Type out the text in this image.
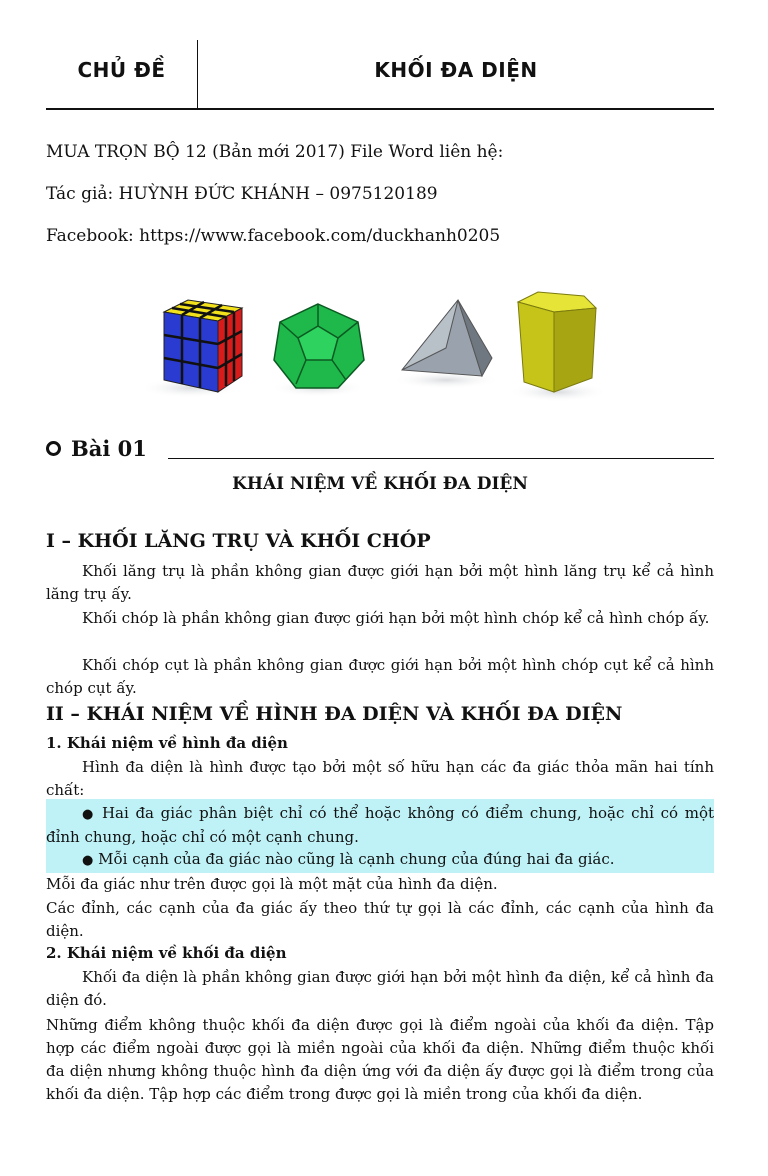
CHỦ ĐỀ	KHỐI ĐA DIỆN
MUA TRỌN BỘ 12 (Bản mới 2017) File Word liên hệ:
Tác giả: HUỲNH ĐỨC KHÁNH – 0975120189
Facebook: https://www.facebook.com/duckhanh0205
Bài 01
KHÁI NIỆM VỀ KHỐI ĐA DIỆN
I – KHỐI LĂNG TRỤ VÀ KHỐI CHÓP
Khối lăng trụ là phần không gian được giới hạn bởi một hình lăng trụ kể cả hình lăng trụ ấy.
Khối chóp là phần không gian được giới hạn bởi một hình chóp kể cả hình chóp ấy.
Khối chóp cụt là phần không gian được giới hạn bởi một hình chóp cụt kể cả hình chóp cụt ấy.
II – KHÁI NIỆM VỀ HÌNH ĐA DIỆN VÀ KHỐI ĐA DIỆN
1. Khái niệm về hình đa diện
Hình đa diện là hình được tạo bởi một số hữu hạn các đa giác thỏa mãn hai tính chất:
● Hai đa giác phân biệt chỉ có thể hoặc không có điểm chung, hoặc chỉ có một đỉnh chung, hoặc chỉ có một cạnh chung.
● Mỗi cạnh của đa giác nào cũng là cạnh chung của đúng hai đa giác.
Mỗi đa giác như trên được gọi là một mặt của hình đa diện.
Các đỉnh, các cạnh của đa giác ấy theo thứ tự gọi là các đỉnh, các cạnh của hình đa diện.
2. Khái niệm về khối đa diện
Khối đa diện là phần không gian được giới hạn bởi một hình đa diện, kể cả hình đa diện đó.
Những điểm không thuộc khối đa diện được gọi là điểm ngoài của khối đa diện. Tập hợp các điểm ngoài được gọi là miền ngoài của khối đa diện. Những điểm thuộc khối đa diện nhưng không thuộc hình đa diện ứng với đa diện ấy được gọi là điểm trong của khối đa diện. Tập hợp các điểm trong được gọi là miền trong của khối đa diện.
